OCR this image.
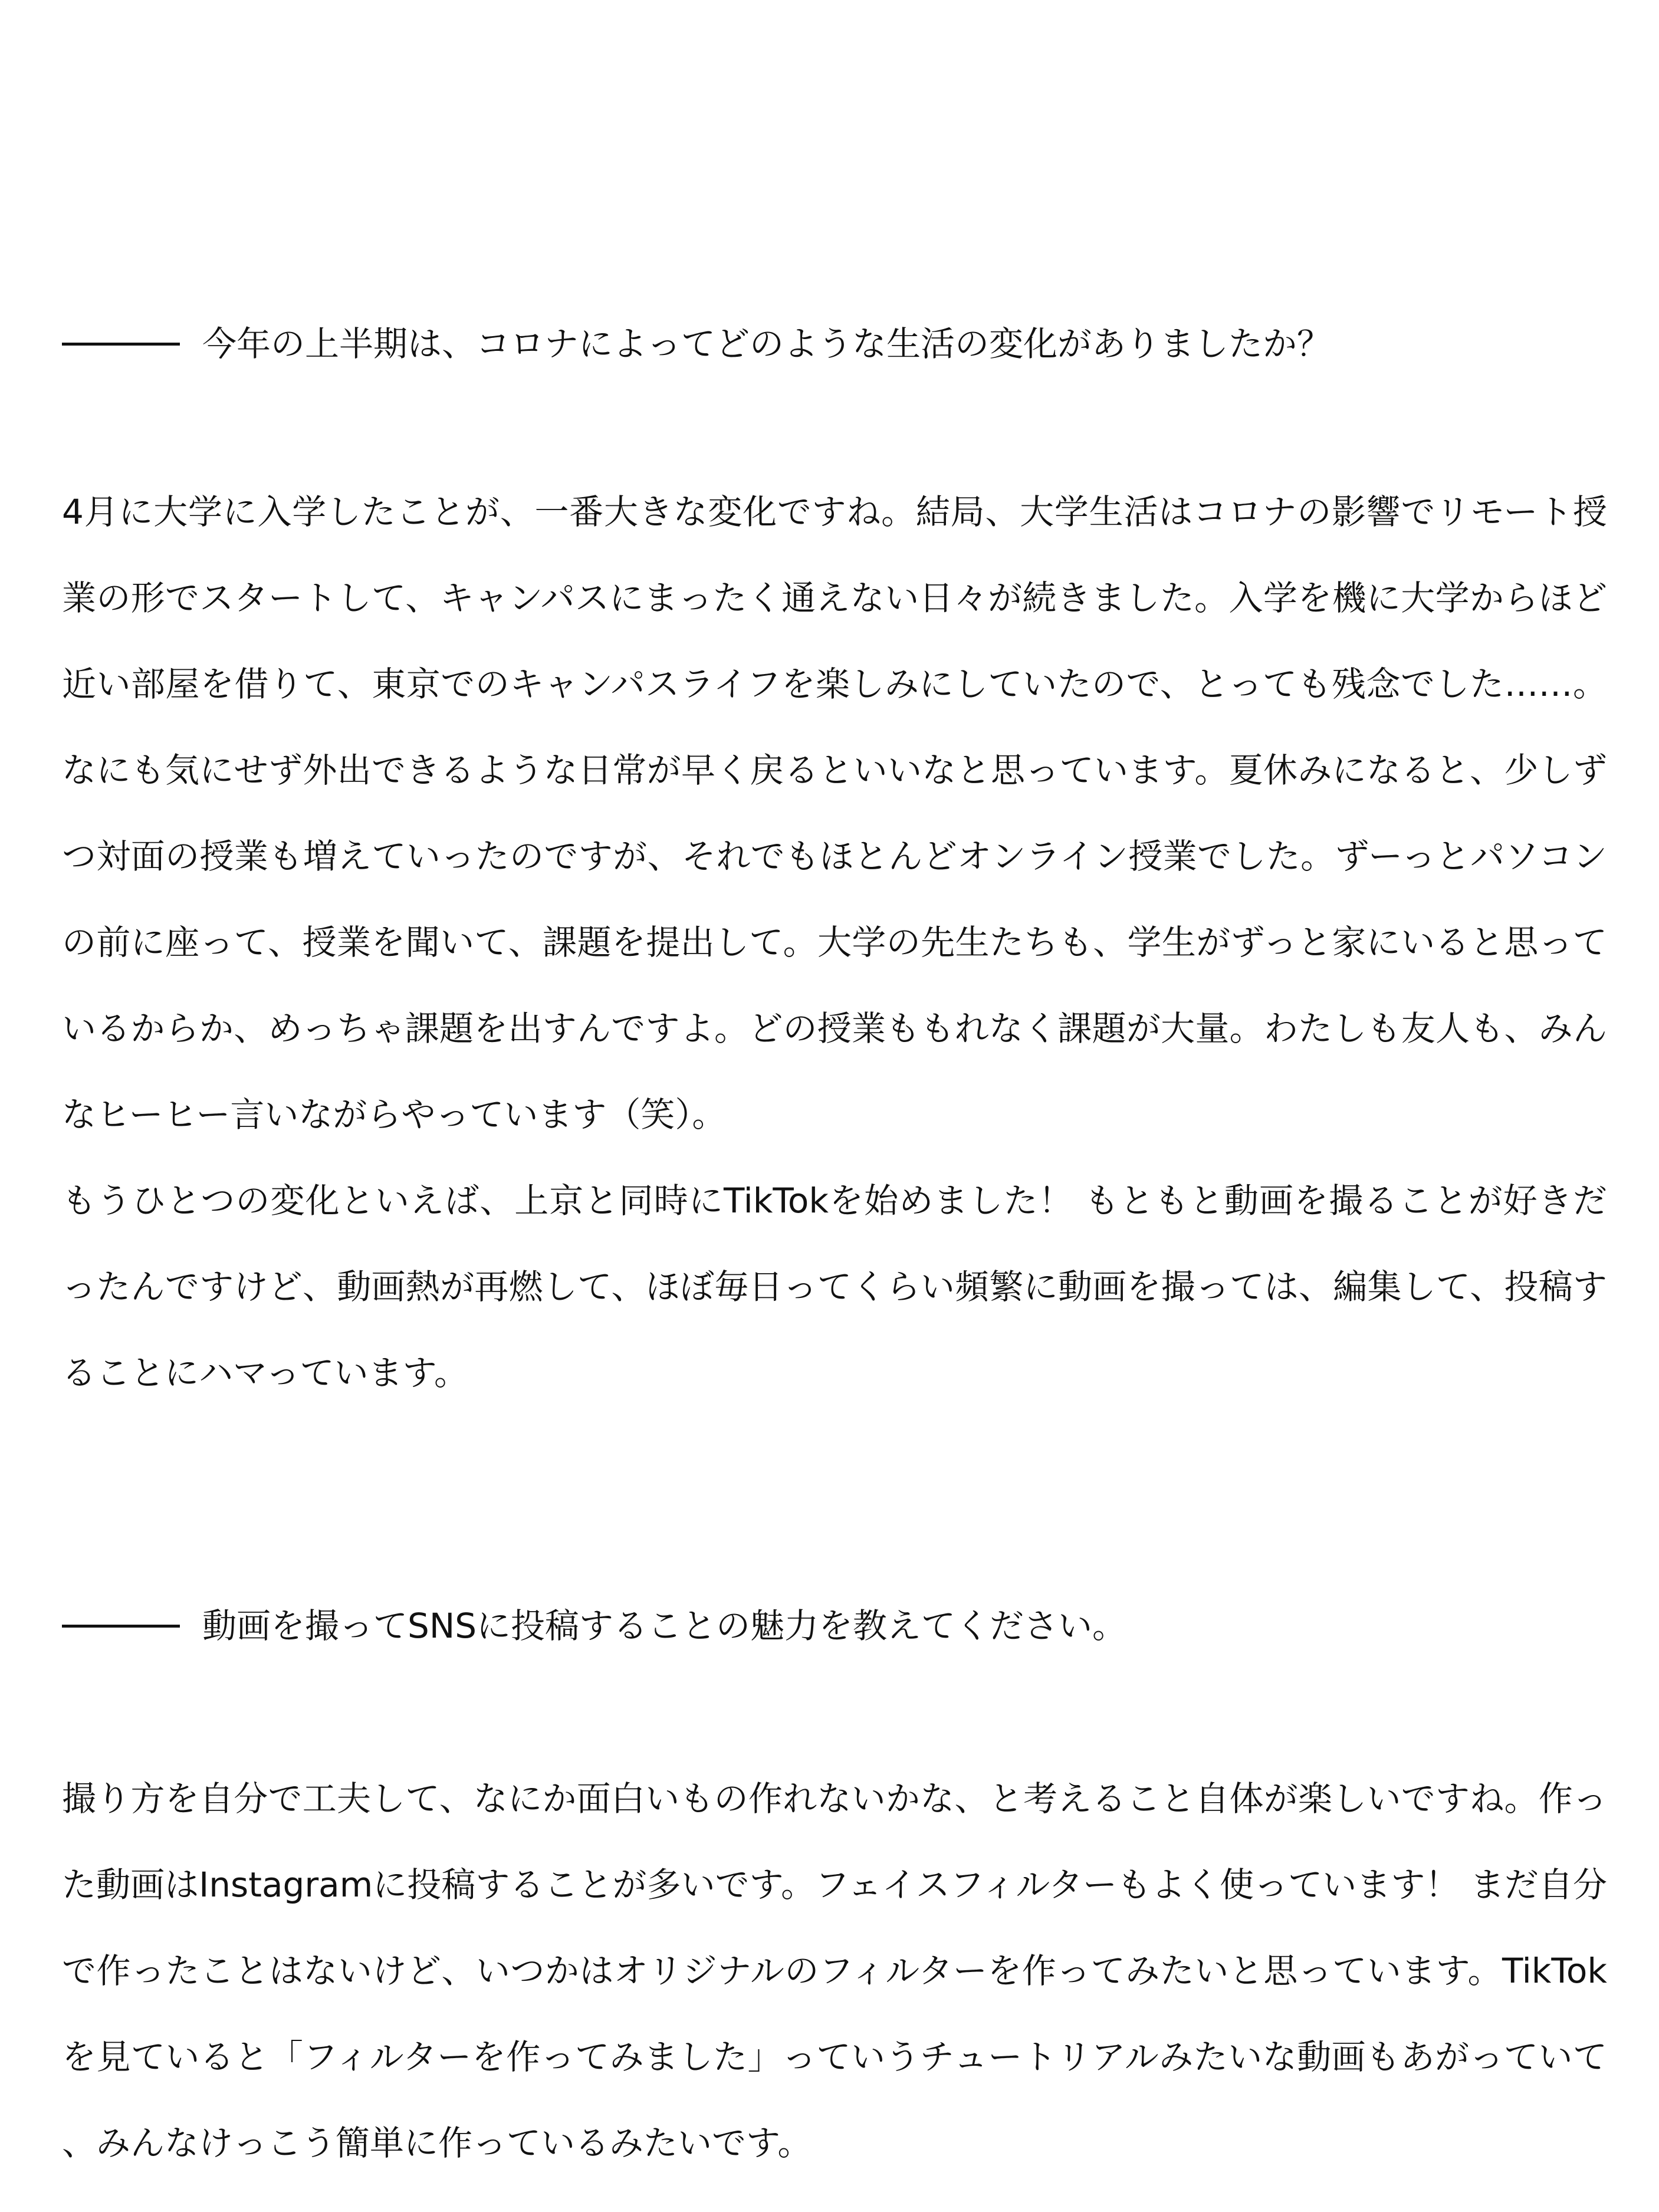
今年の上半期は、コロナによってどのような生活の変化がありましたか？

4月に大学に入学したことが、一番大きな変化ですね。結局、大学生活はコロナの影響でリモート授業の形でスタートして、キャンパスにまったく通えない日々が続きました。入学を機に大学からほど近い部屋を借りて、東京でのキャンパスライフを楽しみにしていたので、とっても残念でした……。なにも気にせず外出できるような日常が早く戻るといいなと思っています。夏休みになると、少しずつ対面の授業も増えていったのですが、それでもほとんどオンライン授業でした。ずーっとパソコンの前に座って、授業を聞いて、課題を提出して。大学の先生たちも、学生がずっと家にいると思っているからか、めっちゃ課題を出すんですよ。どの授業ももれなく課題が大量。わたしも友人も、みんなヒーヒー言いながらやっています（笑）。

もうひとつの変化といえば、上京と同時にTikTokを始めました！ もともと動画を撮ることが好きだったんですけど、動画熱が再燃して、ほぼ毎日ってくらい頻繁に動画を撮っては、編集して、投稿することにハマっています。

動画を撮ってSNSに投稿することの魅力を教えてください。

撮り方を自分で工夫して、なにか面白いもの作れないかな、と考えること自体が楽しいですね。作った動画はInstagramに投稿することが多いです。フェイスフィルターもよく使っています！ まだ自分で作ったことはないけど、いつかはオリジナルのフィルターを作ってみたいと思っています。TikTokを見ていると「フィルターを作ってみました」っていうチュートリアルみたいな動画もあがっていて、みんなけっこう簡単に作っているみたいです。
